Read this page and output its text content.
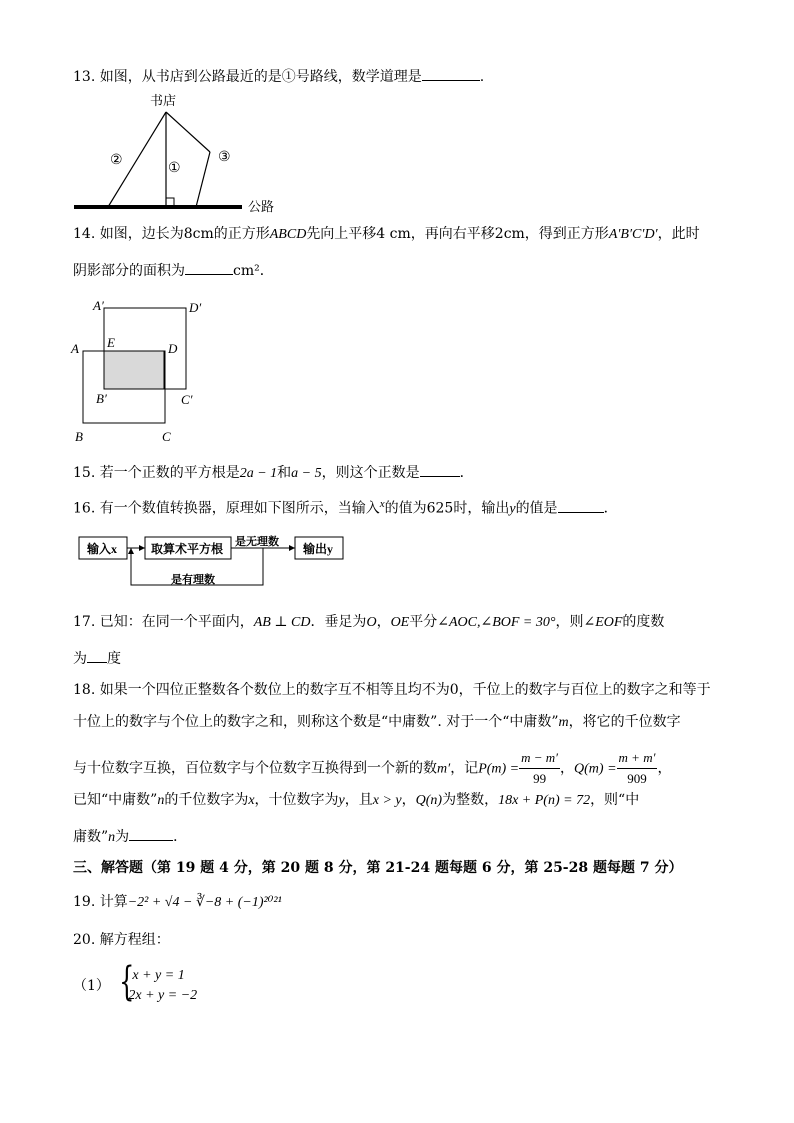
13. 如图，从书店到公路最近的是①号路线，数学道理是	.
书店
公路
②
①
③
14. 如图，边长为8cm的正方形ABCD先向上平移4 cm，再向右平移2cm，得到正方形A′B′C′D′，此时
阴影部分的面积为	cm²．
A′	D′
A E	D
B′	C′
B	C
15. 若一个正数的平方根是2a − 1和a − 5，则这个正数是	．
16. 有一个数值转换器，原理如下图所示，当输入$^x$的值为625时，输出y的值是	．
输入x	取算术平方根 是无理数 输出y
是有理数
17. 已知：在同一个平面内，AB ⊥ CD．垂足为O，OE平分∠AOC,∠BOF = 30°，则∠EOF的度数
为 度
18. 如果一个四位正整数各个数位上的数字互不相等且均不为0，千位上的数字与百位上的数字之和等于
十位上的数字与个位上的数字之和，则称这个数是“中庸数”. 对于一个“中庸数”m，将它的千位数字
与十位数字互换，百位数字与个位数字互换得到一个新的数m′，记$P(m) = \frac{m - m'}{99}$ ，$Q(m) = \frac{m + m'}{909}$ ，
已知“中庸数”n的千位数字为x，十位数字为y，且x > y，Q(n)为整数，18x + P(n) = 72，则“中
庸数”n为	．
三、解答题（第 19 题 4 分，第 20 题 8 分，第 21-24 题每题 6 分，第 25-28 题每题 7 分）
19. 计算−2² + √4 − ∛−8 + (−1)²⁰²¹
20. 解方程组：
（1） {
x + y = 1
2x + y = −2
